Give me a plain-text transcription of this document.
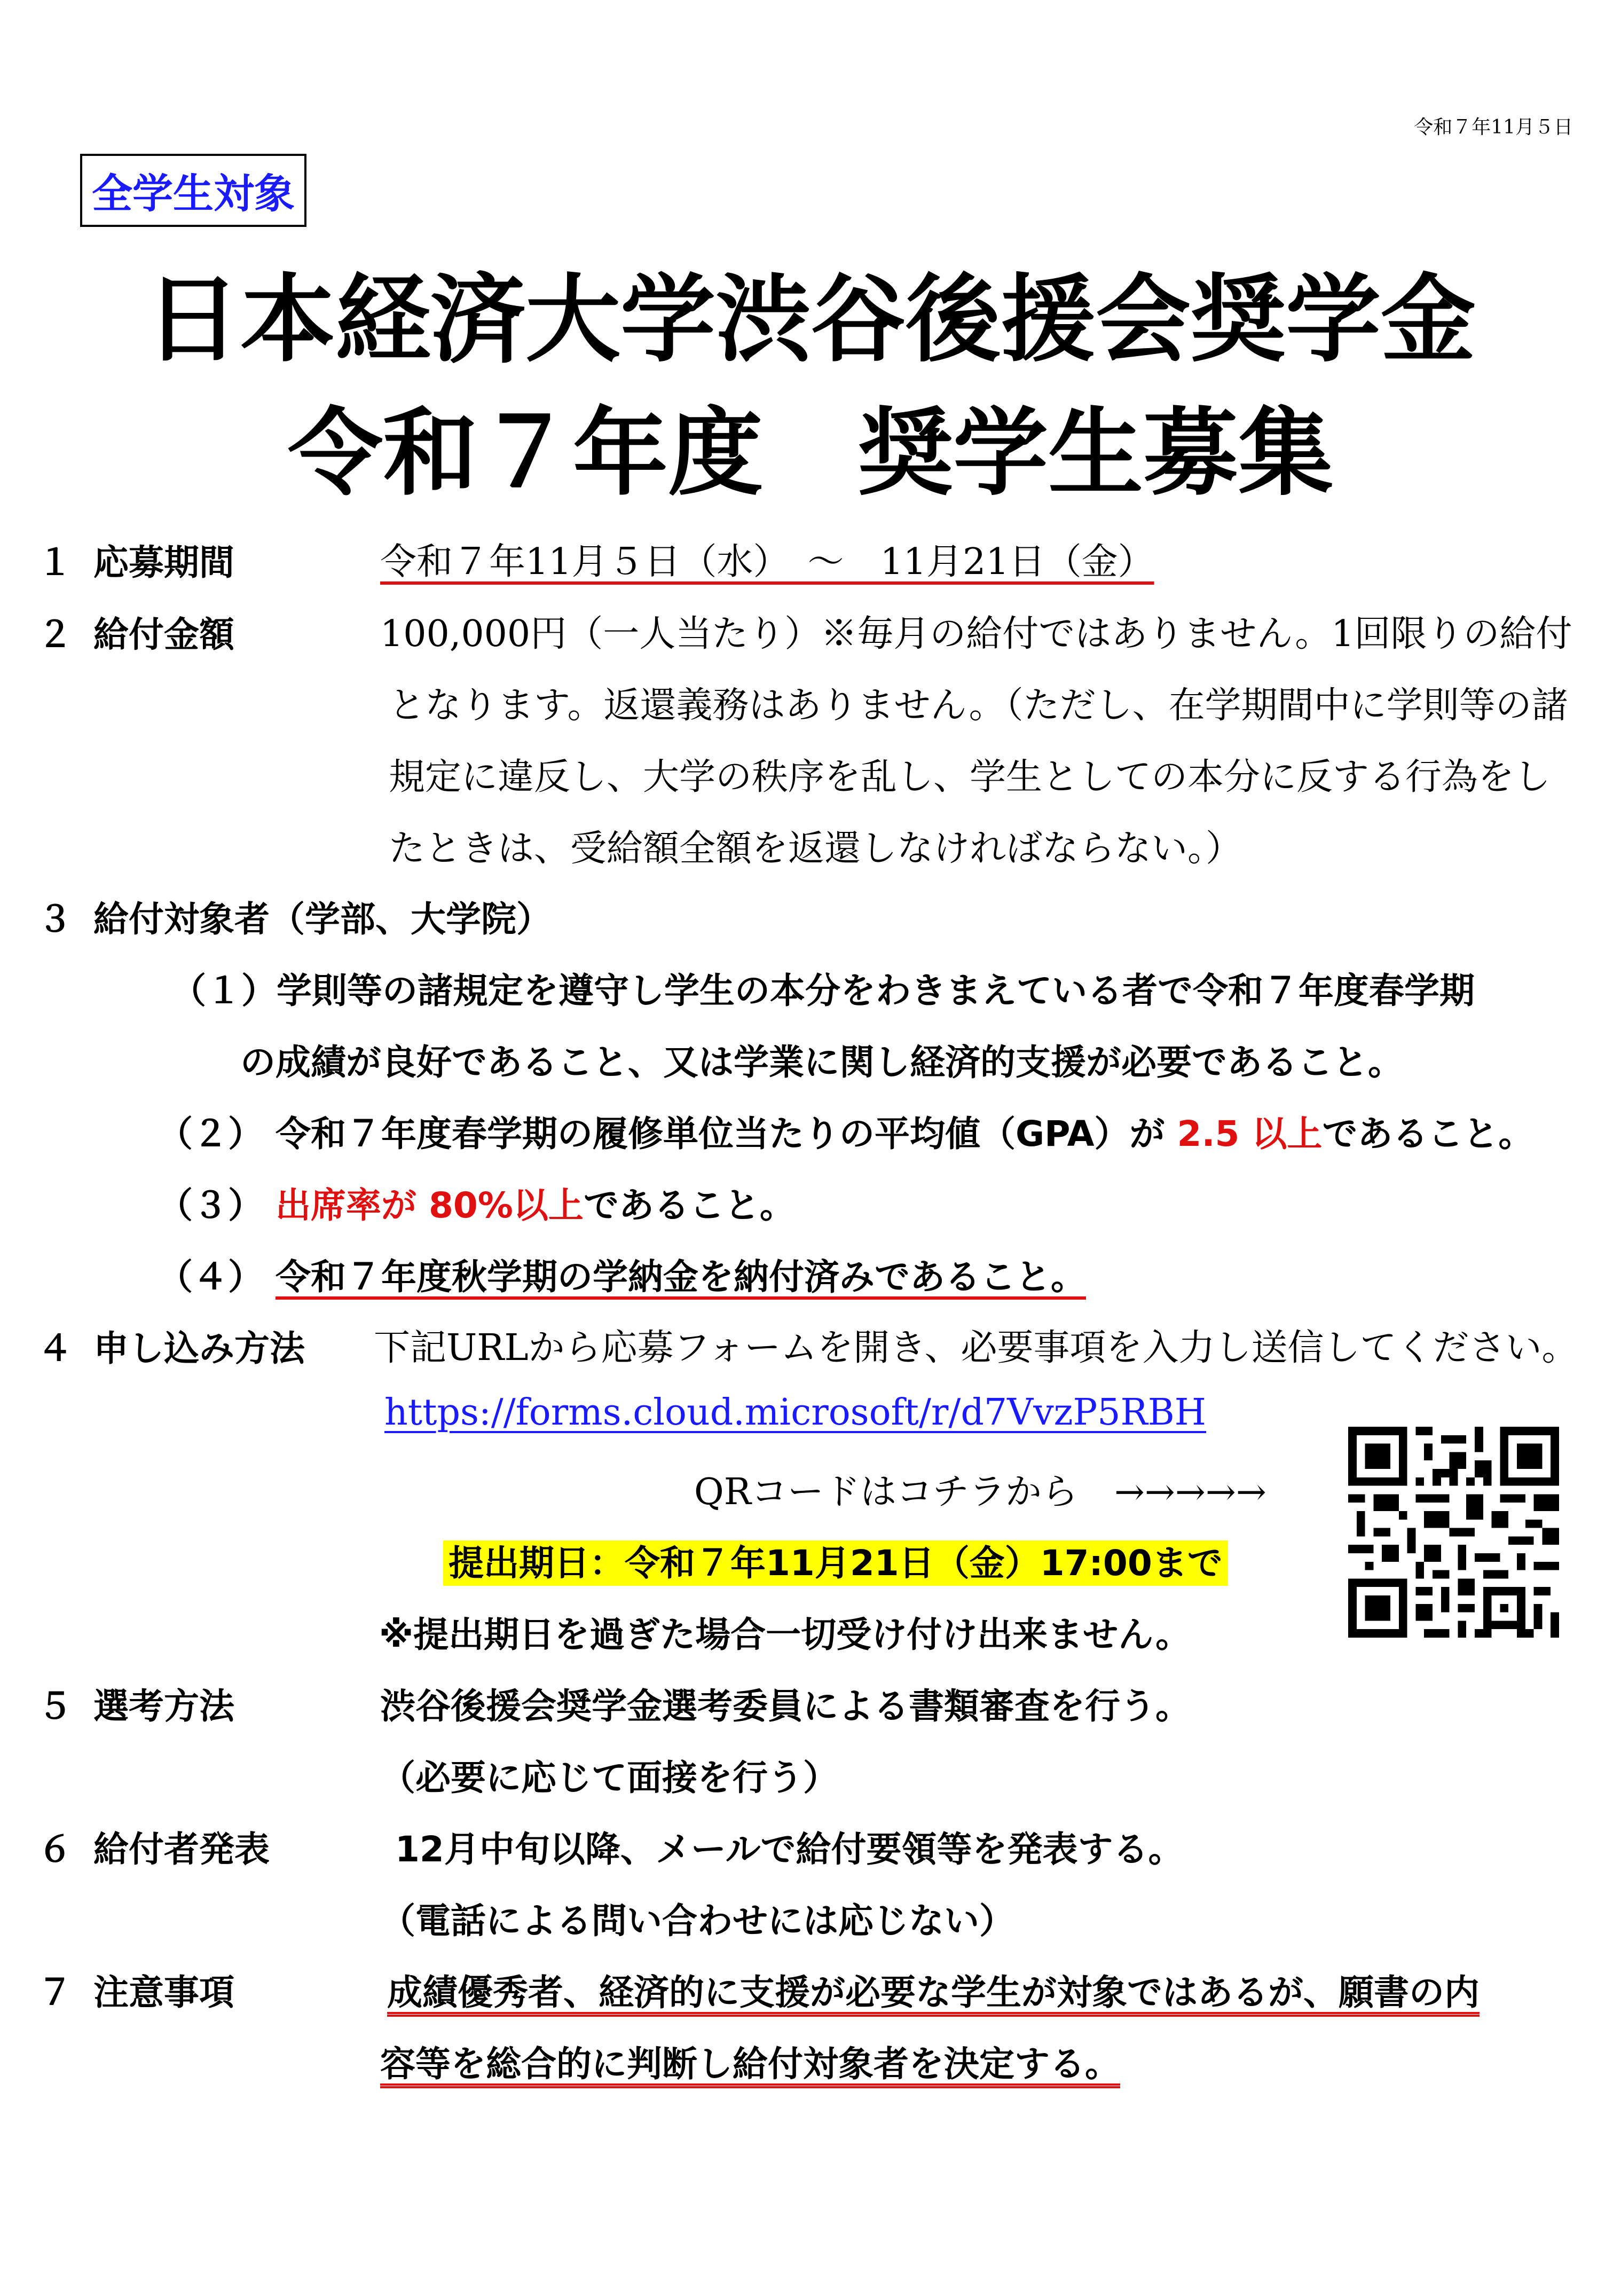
令和７年11月５日
全学生対象
日本経済大学渋谷後援会奨学金
令和７年度　奨学生募集
１ 応募期間	令和７年11月５日（水）　～　11月21日（金）
２ 給付金額	100,000円（一人当たり）※毎月の給付ではありません。1回限りの給付
となります。返還義務はありません。（ただし、在学期間中に学則等の諸
規定に違反し、大学の秩序を乱し、学生としての本分に反する行為をし
たときは、受給額全額を返還しなければならない。）
３ 給付対象者（学部、大学院）
（１）学則等の諸規定を遵守し学生の本分をわきまえている者で令和７年度春学期
の成績が良好であること、又は学業に関し経済的支援が必要であること。
（２） 令和７年度春学期の履修単位当たりの平均値（GPA）が 2.5 以上であること。
（３） 出席率が 80%以上であること。
（４） 令和７年度秋学期の学納金を納付済みであること。
４ 申し込み方法 下記URLから応募フォームを開き、必要事項を入力し送信してください。
https://forms.cloud.microsoft/r/d7VvzP5RBH
QRコードはコチラから　→→→→→
提出期日：令和７年11月21日（金）17:00まで
※提出期日を過ぎた場合一切受け付け出来ません。
５ 選考方法	渋谷後援会奨学金選考委員による書類審査を行う。
（必要に応じて面接を行う）
６ 給付者発表	12月中旬以降、メールで給付要領等を発表する。
（電話による問い合わせには応じない）
７ 注意事項	成績優秀者、経済的に支援が必要な学生が対象ではあるが、願書の内
容等を総合的に判断し給付対象者を決定する。
